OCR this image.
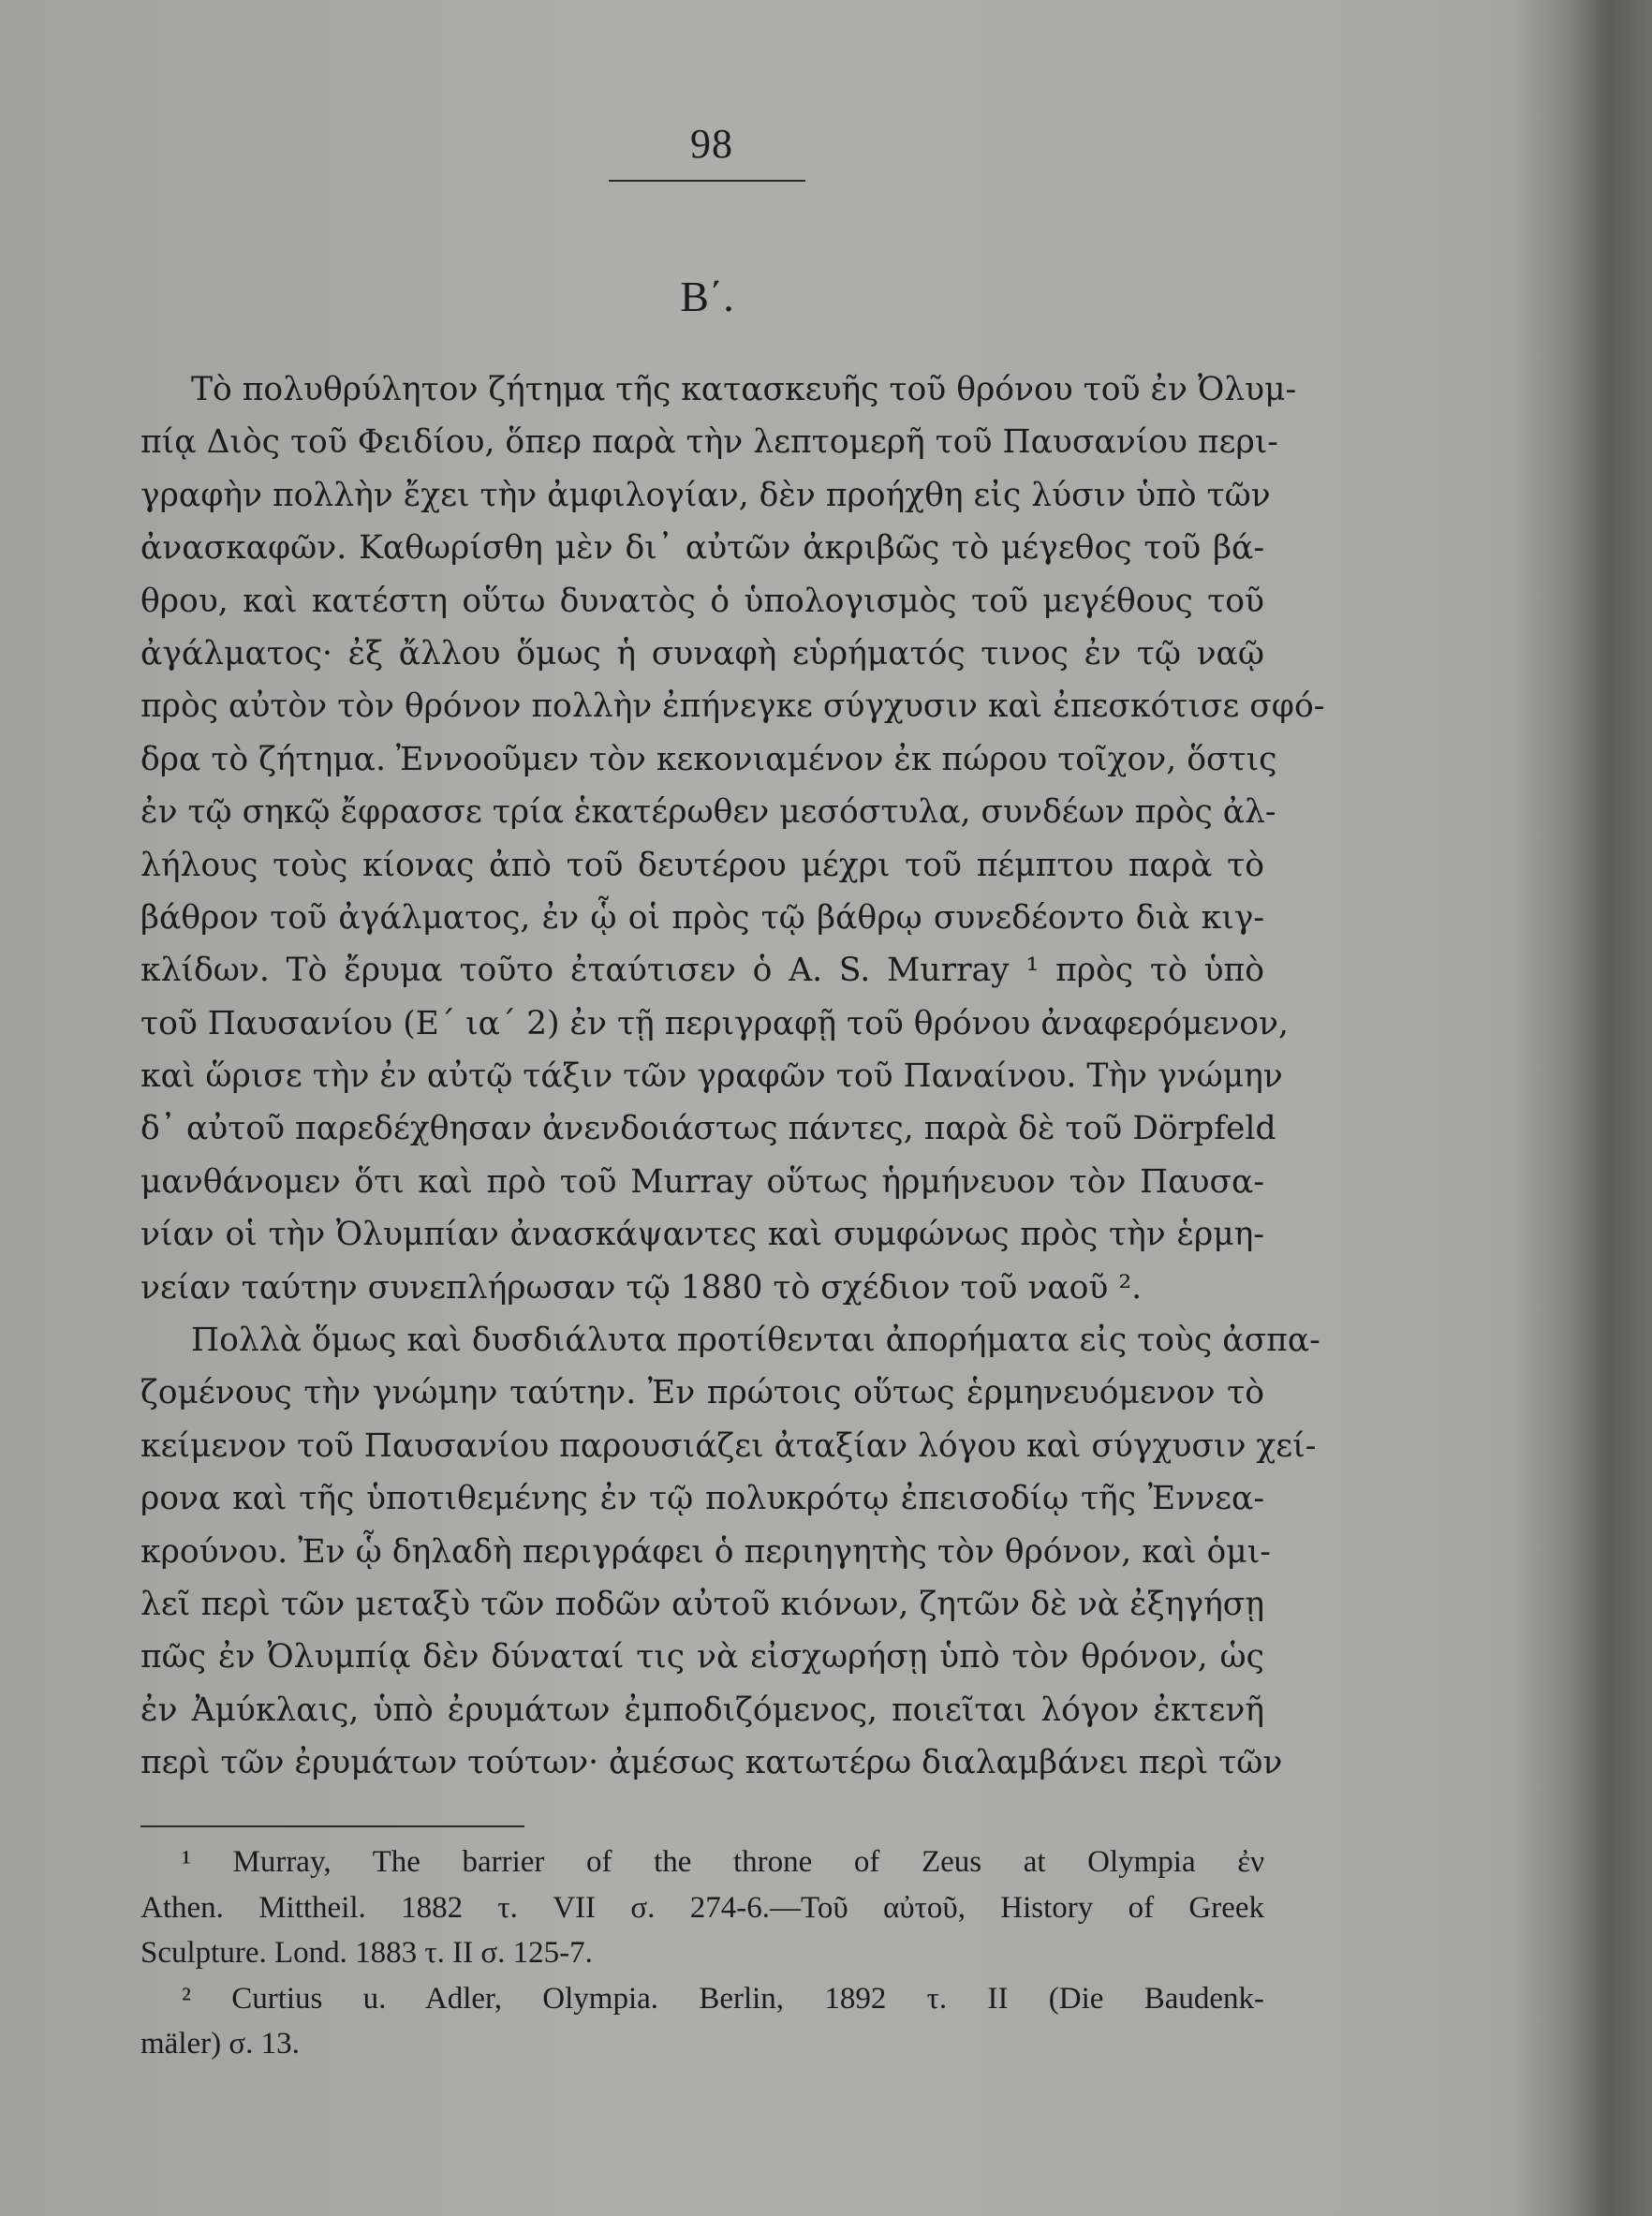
98
Β΄.
Τὸ πολυθρύλητον ζήτημα τῆς κατασκευῆς τοῦ θρόνου τοῦ ἐν Ὀλυμ-
πίᾳ Διὸς τοῦ Φειδίου, ὅπερ παρὰ τὴν λεπτομερῆ τοῦ Παυσανίου περι-
γραφὴν πολλὴν ἔχει τὴν ἀμφιλογίαν, δὲν προήχθη εἰς λύσιν ὑπὸ τῶν
ἀνασκαφῶν. Καθωρίσθη μὲν δι᾿ αὐτῶν ἀκριβῶς τὸ μέγεθος τοῦ βά-
θρου, καὶ κατέστη οὕτω δυνατὸς ὁ ὑπολογισμὸς τοῦ μεγέθους τοῦ
ἀγάλματος· ἐξ ἄλλου ὅμως ἡ συναφὴ εὑρήματός τινος ἐν τῷ ναῷ
πρὸς αὐτὸν τὸν θρόνον πολλὴν ἐπήνεγκε σύγχυσιν καὶ ἐπεσκότισε σφό-
δρα τὸ ζήτημα. Ἐννοοῦμεν τὸν κεκονιαμένον ἐκ πώρου τοῖχον, ὅστις
ἐν τῷ σηκῷ ἔφρασσε τρία ἑκατέρωθεν μεσόστυλα, συνδέων πρὸς ἀλ-
λήλους τοὺς κίονας ἀπὸ τοῦ δευτέρου μέχρι τοῦ πέμπτου παρὰ τὸ
βάθρον τοῦ ἀγάλματος, ἐν ᾧ οἱ πρὸς τῷ βάθρῳ συνεδέοντο διὰ κιγ-
κλίδων. Τὸ ἔρυμα τοῦτο ἐταύτισεν ὁ A. S. Murray ¹ πρὸς τὸ ὑπὸ
τοῦ Παυσανίου (Ε΄ ια΄ 2) ἐν τῇ περιγραφῇ τοῦ θρόνου ἀναφερόμενον,
καὶ ὥρισε τὴν ἐν αὐτῷ τάξιν τῶν γραφῶν τοῦ Παναίνου. Τὴν γνώμην
δ᾿ αὐτοῦ παρεδέχθησαν ἀνενδοιάστως πάντες, παρὰ δὲ τοῦ Dörpfeld
μανθάνομεν ὅτι καὶ πρὸ τοῦ Murray οὕτως ἡρμήνευον τὸν Παυσα-
νίαν οἱ τὴν Ὀλυμπίαν ἀνασκάψαντες καὶ συμφώνως πρὸς τὴν ἑρμη-
νείαν ταύτην συνεπλήρωσαν τῷ 1880 τὸ σχέδιον τοῦ ναοῦ ².
Πολλὰ ὅμως καὶ δυσδιάλυτα προτίθενται ἀπορήματα εἰς τοὺς ἀσπα-
ζομένους τὴν γνώμην ταύτην. Ἐν πρώτοις οὕτως ἑρμηνευόμενον τὸ
κείμενον τοῦ Παυσανίου παρουσιάζει ἀταξίαν λόγου καὶ σύγχυσιν χεί-
ρονα καὶ τῆς ὑποτιθεμένης ἐν τῷ πολυκρότῳ ἐπεισοδίῳ τῆς Ἐννεα-
κρούνου. Ἐν ᾧ δηλαδὴ περιγράφει ὁ περιηγητὴς τὸν θρόνον, καὶ ὁμι-
λεῖ περὶ τῶν μεταξὺ τῶν ποδῶν αὐτοῦ κιόνων, ζητῶν δὲ νὰ ἐξηγήσῃ
πῶς ἐν Ὀλυμπίᾳ δὲν δύναταί τις νὰ εἰσχωρήσῃ ὑπὸ τὸν θρόνον, ὡς
ἐν Ἀμύκλαις, ὑπὸ ἐρυμάτων ἐμποδιζόμενος, ποιεῖται λόγον ἐκτενῆ
περὶ τῶν ἐρυμάτων τούτων· ἀμέσως κατωτέρω διαλαμβάνει περὶ τῶν
¹ Murray, The barrier of the throne of Zeus at Olympia ἐν
Athen. Mittheil. 1882 τ. VII σ. 274-6.—Τοῦ αὐτοῦ, History of Greek
Sculpture. Lond. 1883 τ. II σ. 125-7.
² Curtius u. Adler, Olympia. Berlin, 1892 τ. II (Die Baudenk-
mäler) σ. 13.
